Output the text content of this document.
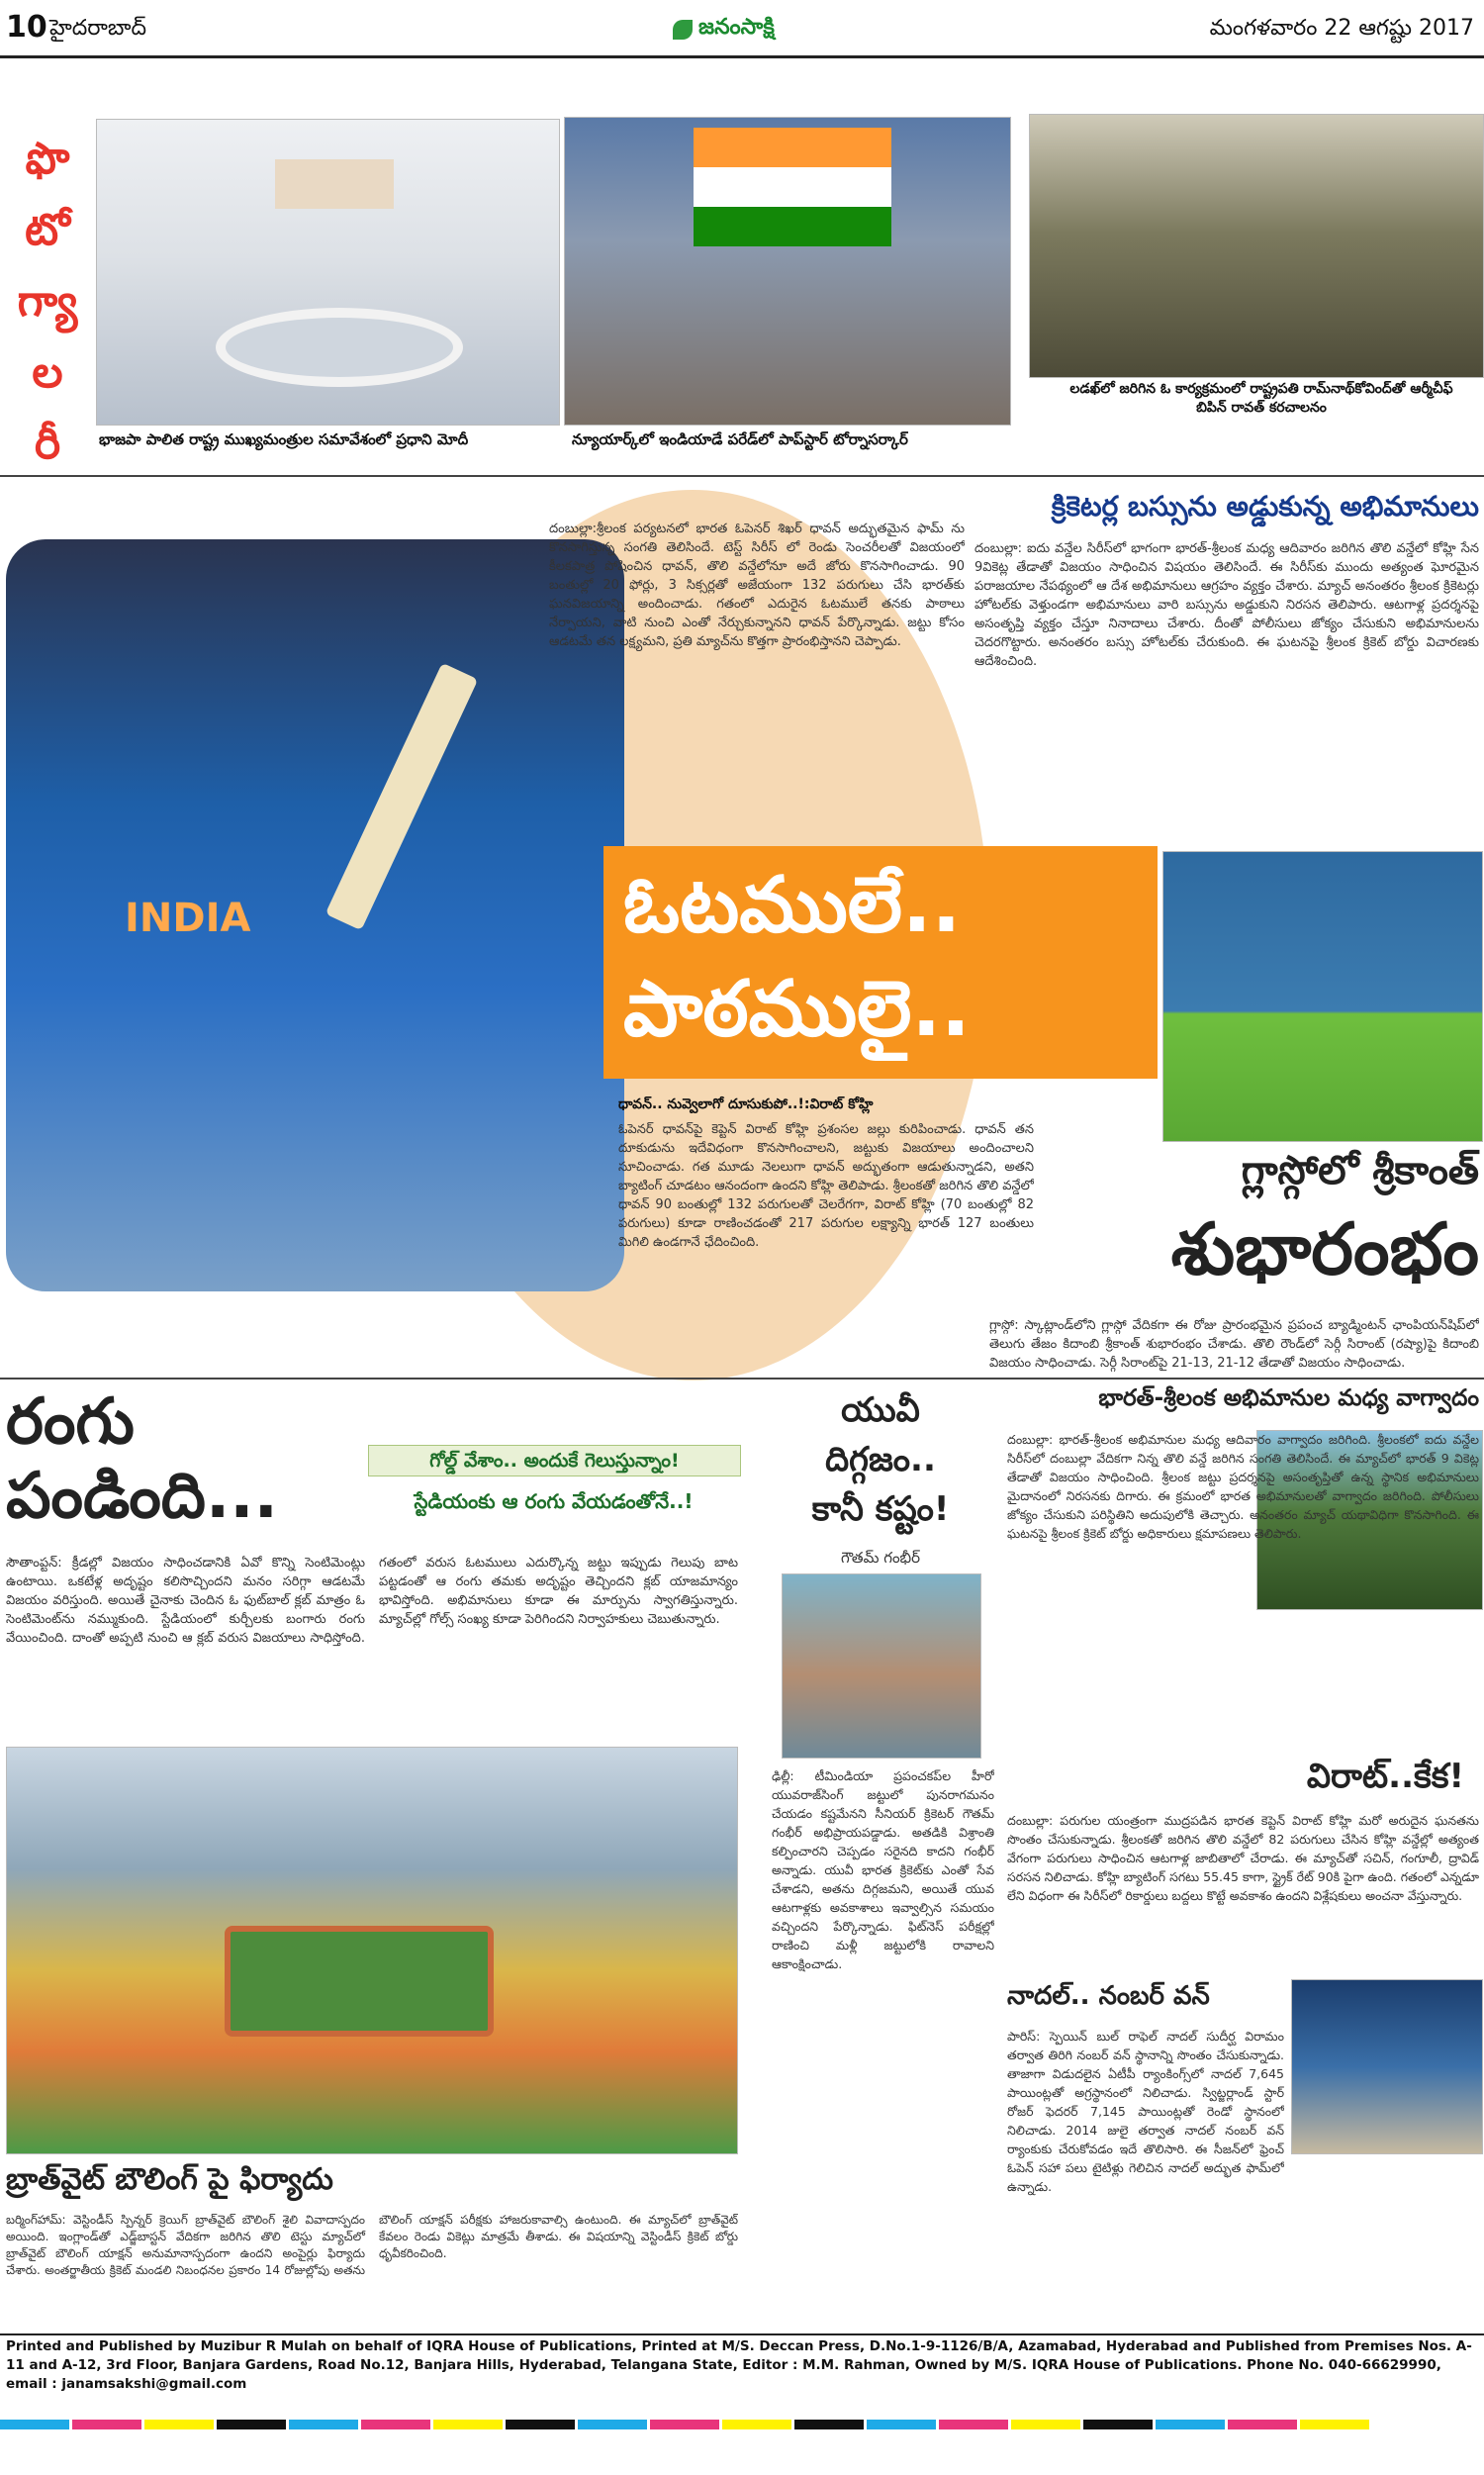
10 హైదరాబాద్	జనంసాక్షి	మంగళవారం 22 ఆగష్టు 2017
ఫొ
టో
గ్యా
ల
రీ	భాజపా పాలిత రాష్ట్ర ముఖ్యమంత్రుల సమావేశంలో ప్రధాని మోదీ	న్యూయార్క్‌లో ఇండియాడే పరేడ్‌లో పాప్‌స్టార్ టోర్నాసర్కార్
లడఖ్‌లో జరిగిన ఓ కార్యక్రమంలో రాష్ట్రపతి రామ్‌నాథ్‌కోవింద్‌తో ఆర్మీచీఫ్ బిపిన్ రావత్ కరచాలనం
క్రికెటర్ల బస్సును అడ్డుకున్న అభిమానులు
దంబుల్లా: ఐదు వన్డేల సిరీస్‌లో భాగంగా భారత్-శ్రీలంక మధ్య ఆదివారం జరిగిన తొలి వన్డేలో కోహ్లి సేన 9వికెట్ల తేడాతో విజయం సాధించిన విషయం తెలిసిందే. ఈ సిరీస్‌కు ముందు అత్యంత ఘోరమైన పరాజయాల నేపథ్యంలో ఆ దేశ అభిమానులు ఆగ్రహం వ్యక్తం చేశారు. మ్యాచ్ అనంతరం శ్రీలంక క్రికెటర్లు హోటల్‌కు వెళ్తుండగా అభిమానులు వారి బస్సును అడ్డుకుని నిరసన తెలిపారు. ఆటగాళ్ల ప్రదర్శనపై అసంతృప్తి వ్యక్తం చేస్తూ నినాదాలు చేశారు. దీంతో పోలీసులు జోక్యం చేసుకుని అభిమానులను చెదరగొట్టారు. అనంతరం బస్సు హోటల్‌కు చేరుకుంది. ఈ ఘటనపై శ్రీలంక క్రికెట్ బోర్డు విచారణకు ఆదేశించింది.
INDIA
దంబుల్లా:శ్రీలంక పర్యటనలో భారత ఓపెనర్ శిఖర్ ధావన్ అద్భుతమైన ఫామ్ ను కొనసాగిస్తున్న సంగతి తెలిసిందే. టెస్ట్ సిరీస్ లో రెండు సెంచరీలతో విజయంలో కీలకపాత్ర పోషించిన ధావన్, తొలి వన్డేలోనూ అదే జోరు కొనసాగించాడు. 90 బంతుల్లో 20 ఫోర్లు, 3 సిక్సర్లతో అజేయంగా 132 పరుగులు చేసి భారత్‌కు ఘనవిజయాన్ని అందించాడు. గతంలో ఎదురైన ఓటములే తనకు పాఠాలు నేర్పాయని, వాటి నుంచి ఎంతో నేర్చుకున్నానని ధావన్ పేర్కొన్నాడు. జట్టు కోసం ఆడటమే తన లక్ష్యమని, ప్రతి మ్యాచ్‌ను కొత్తగా ప్రారంభిస్తానని చెప్పాడు.
ఓటములే..
పాఠములై..
ధావన్.. నువ్వెలాగో దూసుకుపో..!:విరాట్ కోహ్లి
ఓపెనర్ ధావన్‌పై కెప్టెన్ విరాట్ కోహ్లి ప్రశంసల జల్లు కురిపించాడు. ధావన్ తన దూకుడును ఇదేవిధంగా కొనసాగించాలని, జట్టుకు విజయాలు అందించాలని సూచించాడు. గత మూడు నెలలుగా ధావన్ అద్భుతంగా ఆడుతున్నాడని, అతని బ్యాటింగ్ చూడటం ఆనందంగా ఉందని కోహ్లి తెలిపాడు. శ్రీలంకతో జరిగిన తొలి వన్డేలో ధావన్ 90 బంతుల్లో 132 పరుగులతో చెలరేగగా, విరాట్ కోహ్లి (70 బంతుల్లో 82 పరుగులు) కూడా రాణించడంతో 217 పరుగుల లక్ష్యాన్ని భారత్ 127 బంతులు మిగిలి ఉండగానే ఛేదించింది.
గ్లాస్గోలో శ్రీకాంత్
శుభారంభం
గ్లాస్గో: స్కాట్లాండ్‌లోని గ్లాస్గో వేదికగా ఈ రోజు ప్రారంభమైన ప్రపంచ బ్యాడ్మింటన్ ఛాంపియన్‌షిప్‌లో తెలుగు తేజం కిదాంబి శ్రీకాంత్ శుభారంభం చేశాడు. తొలి రౌండ్‌లో సెర్గీ సిరాంట్ (రష్యా)పై కిదాంబి విజయం సాధించాడు. సెర్గీ సిరాంట్‌పై 21-13, 21-12 తేడాతో విజయం సాధించాడు.
రంగు
పండింది...	గోల్డ్ వేశాం.. అందుకే గెలుస్తున్నాం!
స్టేడియంకు ఆ రంగు వేయడంతోనే..!
సౌతాంప్టన్: క్రీడల్లో విజయం సాధించడానికి ఏవో కొన్ని సెంటిమెంట్లు ఉంటాయి. ఒకటేళ్ల అదృష్టం కలిసొచ్చిందని మనం సరిగ్గా ఆడటమే విజయం వరిస్తుంది. అయితే చైనాకు చెందిన ఓ ఫుట్‌బాల్ క్లబ్ మాత్రం ఓ సెంటిమెంట్‌ను నమ్ముకుంది. స్టేడియంలో కుర్చీలకు బంగారు రంగు వేయించింది. దాంతో అప్పటి నుంచి ఆ క్లబ్ వరుస విజయాలు సాధిస్తోంది. గతంలో వరుస ఓటములు ఎదుర్కొన్న జట్టు ఇప్పుడు గెలుపు బాట పట్టడంతో ఆ రంగు తమకు అదృష్టం తెచ్చిందని క్లబ్ యాజమాన్యం భావిస్తోంది. అభిమానులు కూడా ఈ మార్పును స్వాగతిస్తున్నారు. మ్యాచ్‌ల్లో గోల్స్ సంఖ్య కూడా పెరిగిందని నిర్వాహకులు చెబుతున్నారు.
బ్రాత్‌వైట్ బౌలింగ్ పై ఫిర్యాదు
బర్మింగ్‌హామ్: వెస్టిండీస్ స్పిన్నర్ క్రెయిగ్ బ్రాత్‌వైట్ బౌలింగ్ శైలి వివాదాస్పదం అయింది. ఇంగ్లాండ్‌తో ఎడ్జ్‌బాస్టన్ వేదికగా జరిగిన తొలి టెస్టు మ్యాచ్‌లో బ్రాత్‌వైట్ బౌలింగ్ యాక్షన్ అనుమానాస్పదంగా ఉందని అంపైర్లు ఫిర్యాదు చేశారు. అంతర్జాతీయ క్రికెట్ మండలి నిబంధనల ప్రకారం 14 రోజుల్లోపు అతను బౌలింగ్ యాక్షన్ పరీక్షకు హాజరుకావాల్సి ఉంటుంది. ఈ మ్యాచ్‌లో బ్రాత్‌వైట్ కేవలం రెండు వికెట్లు మాత్రమే తీశాడు. ఈ విషయాన్ని వెస్టిండీస్ క్రికెట్ బోర్డు ధృవీకరించింది.
యువీ
దిగ్గజం..
కానీ కష్టం!
గౌతమ్ గంభీర్
ఢిల్లీ: టీమిండియా ప్రపంచకప్‌ల హీరో యువరాజ్‌సింగ్ జట్టులో పునరాగమనం చేయడం కష్టమేనని సీనియర్ క్రికెటర్ గౌతమ్ గంభీర్ అభిప్రాయపడ్డాడు. అతడికి విశ్రాంతి కల్పించారని చెప్పడం సరైనది కాదని గంభీర్ అన్నాడు. యువీ భారత క్రికెట్‌కు ఎంతో సేవ చేశాడని, అతను దిగ్గజమని, అయితే యువ ఆటగాళ్లకు అవకాశాలు ఇవ్వాల్సిన సమయం వచ్చిందని పేర్కొన్నాడు. ఫిట్‌నెస్ పరీక్షల్లో రాణించి మళ్లీ జట్టులోకి రావాలని ఆకాంక్షించాడు.
భారత్-శ్రీలంక అభిమానుల మధ్య వాగ్వాదం
దంబుల్లా: భారత్-శ్రీలంక అభిమానుల మధ్య ఆదివారం వాగ్వాదం జరిగింది. శ్రీలంకలో ఐదు వన్డేల సిరీస్‌లో దంబుల్లా వేదికగా నిన్న తొలి వన్డే జరిగిన సంగతి తెలిసిందే. ఈ మ్యాచ్‌లో భారత్ 9 వికెట్ల తేడాతో విజయం సాధించింది. శ్రీలంక జట్టు ప్రదర్శనపై అసంతృప్తితో ఉన్న స్థానిక అభిమానులు మైదానంలో నిరసనకు దిగారు. ఈ క్రమంలో భారత అభిమానులతో వాగ్వాదం జరిగింది. పోలీసులు జోక్యం చేసుకుని పరిస్థితిని అదుపులోకి తెచ్చారు. అనంతరం మ్యాచ్ యథావిధిగా కొనసాగింది. ఈ ఘటనపై శ్రీలంక క్రికెట్ బోర్డు అధికారులు క్షమాపణలు తెలిపారు.
విరాట్..కేక!
దంబుల్లా: పరుగుల యంత్రంగా ముద్రపడిన భారత కెప్టెన్ విరాట్ కోహ్లి మరో అరుదైన ఘనతను సొంతం చేసుకున్నాడు. శ్రీలంకతో జరిగిన తొలి వన్డేలో 82 పరుగులు చేసిన కోహ్లి వన్డేల్లో అత్యంత వేగంగా పరుగులు సాధించిన ఆటగాళ్ల జాబితాలో చేరాడు. ఈ మ్యాచ్‌తో సచిన్, గంగూలీ, ద్రావిడ్ సరసన నిలిచాడు. కోహ్లి బ్యాటింగ్ సగటు 55.45 కాగా, స్ట్రైక్ రేట్ 90కి పైగా ఉంది. గతంలో ఎన్నడూ లేని విధంగా ఈ సిరీస్‌లో రికార్డులు బద్దలు కొట్టే అవకాశం ఉందని విశ్లేషకులు అంచనా వేస్తున్నారు.
నాదల్.. నంబర్ వన్
పారిస్: స్పెయిన్ బుల్ రాఫెల్ నాదల్ సుదీర్ఘ విరామం తర్వాత తిరిగి నంబర్ వన్ స్థానాన్ని సొంతం చేసుకున్నాడు. తాజాగా విడుదలైన ఏటీపీ ర్యాంకింగ్స్‌లో నాదల్ 7,645 పాయింట్లతో అగ్రస్థానంలో నిలిచాడు. స్విట్జర్లాండ్ స్టార్ రోజర్ ఫెదరర్ 7,145 పాయింట్లతో రెండో స్థానంలో నిలిచాడు. 2014 జులై తర్వాత నాదల్ నంబర్ వన్ ర్యాంకుకు చేరుకోవడం ఇదే తొలిసారి. ఈ సీజన్‌లో ఫ్రెంచ్ ఓపెన్ సహా పలు టైటిళ్లు గెలిచిన నాదల్ అద్భుత ఫామ్‌లో ఉన్నాడు.
Printed and Published by Muzibur R Mulah on behalf of IQRA House of Publications, Printed at M/S. Deccan Press, D.No.1-9-1126/B/A, Azamabad, Hyderabad and Published from Premises Nos. A-11 and A-12, 3rd Floor, Banjara Gardens, Road No.12, Banjara Hills, Hyderabad, Telangana State, Editor : M.M. Rahman, Owned by M/S. IQRA House of Publications. Phone No. 040-66629990, email : janamsakshi@gmail.com
